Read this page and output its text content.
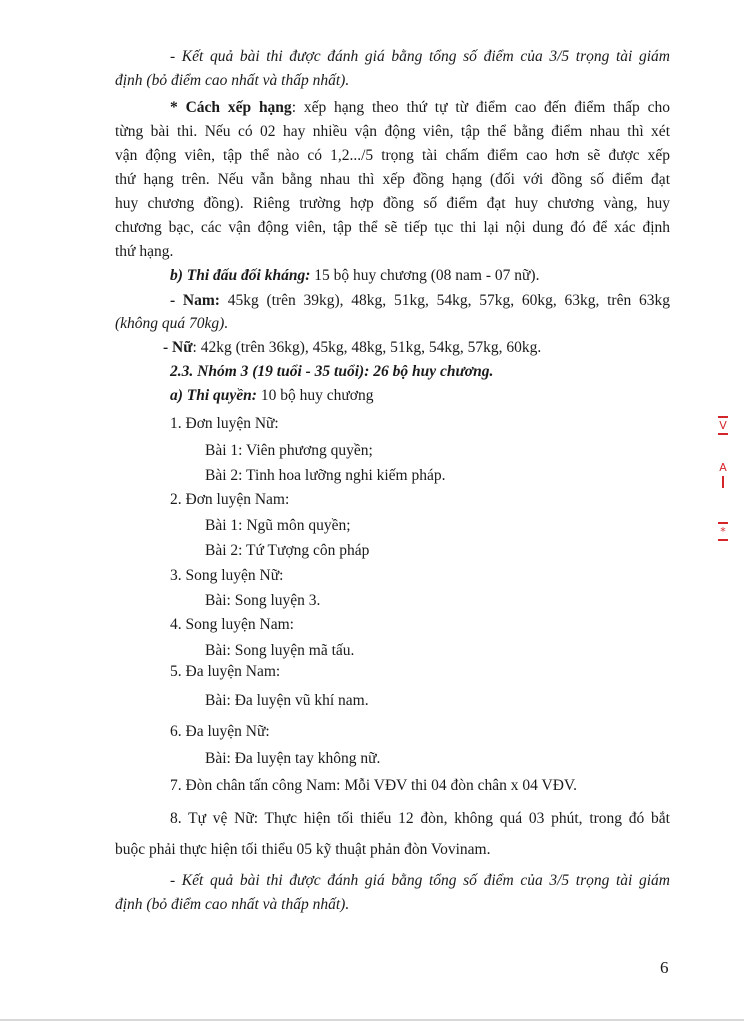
- Kết quả bài thi được đánh giá bằng tổng số điểm của 3/5 trọng tài giám
định (bỏ điểm cao nhất và thấp nhất).
* Cách xếp hạng: xếp hạng theo thứ tự từ điểm cao đến điểm thấp cho
từng bài thi. Nếu có 02 hay nhiều vận động viên, tập thể bằng điểm nhau thì xét
vận động viên, tập thể nào có 1,2.../5 trọng tài chấm điểm cao hơn sẽ được xếp
thứ hạng trên. Nếu vẫn bằng nhau thì xếp đồng hạng (đối với đồng số điểm đạt
huy chương đồng). Riêng trường hợp đồng số điểm đạt huy chương vàng, huy
chương bạc, các vận động viên, tập thể sẽ tiếp tục thi lại nội dung đó để xác định
thứ hạng.
b) Thi đấu đối kháng: 15 bộ huy chương (08 nam - 07 nữ).
- Nam: 45kg (trên 39kg), 48kg, 51kg, 54kg, 57kg, 60kg, 63kg, trên 63kg
(không quá 70kg).
- Nữ: 42kg (trên 36kg), 45kg, 48kg, 51kg, 54kg, 57kg, 60kg.
2.3. Nhóm 3 (19 tuổi - 35 tuổi): 26 bộ huy chương.
a) Thi quyền: 10 bộ huy chương
1. Đơn luyện Nữ:
Bài 1: Viên phương quyền;
Bài 2: Tinh hoa lưỡng nghi kiếm pháp.
2. Đơn luyện Nam:
Bài 1: Ngũ môn quyền;
Bài 2: Tứ Tượng côn pháp
3. Song luyện Nữ:
Bài: Song luyện 3.
4. Song luyện Nam:
Bài: Song luyện mã tấu.
5. Đa luyện Nam:
Bài: Đa luyện vũ khí nam.
6. Đa luyện Nữ:
Bài: Đa luyện tay không nữ.
7. Đòn chân tấn công Nam: Mỗi VĐV thi 04 đòn chân x 04 VĐV.
8. Tự vệ Nữ: Thực hiện tối thiểu 12 đòn, không quá 03 phút, trong đó bắt
buộc phải thực hiện tối thiểu 05 kỹ thuật phản đòn Vovinam.
- Kết quả bài thi được đánh giá bằng tổng số điểm của 3/5 trọng tài giám
định (bỏ điểm cao nhất và thấp nhất).
6
V
A
*
